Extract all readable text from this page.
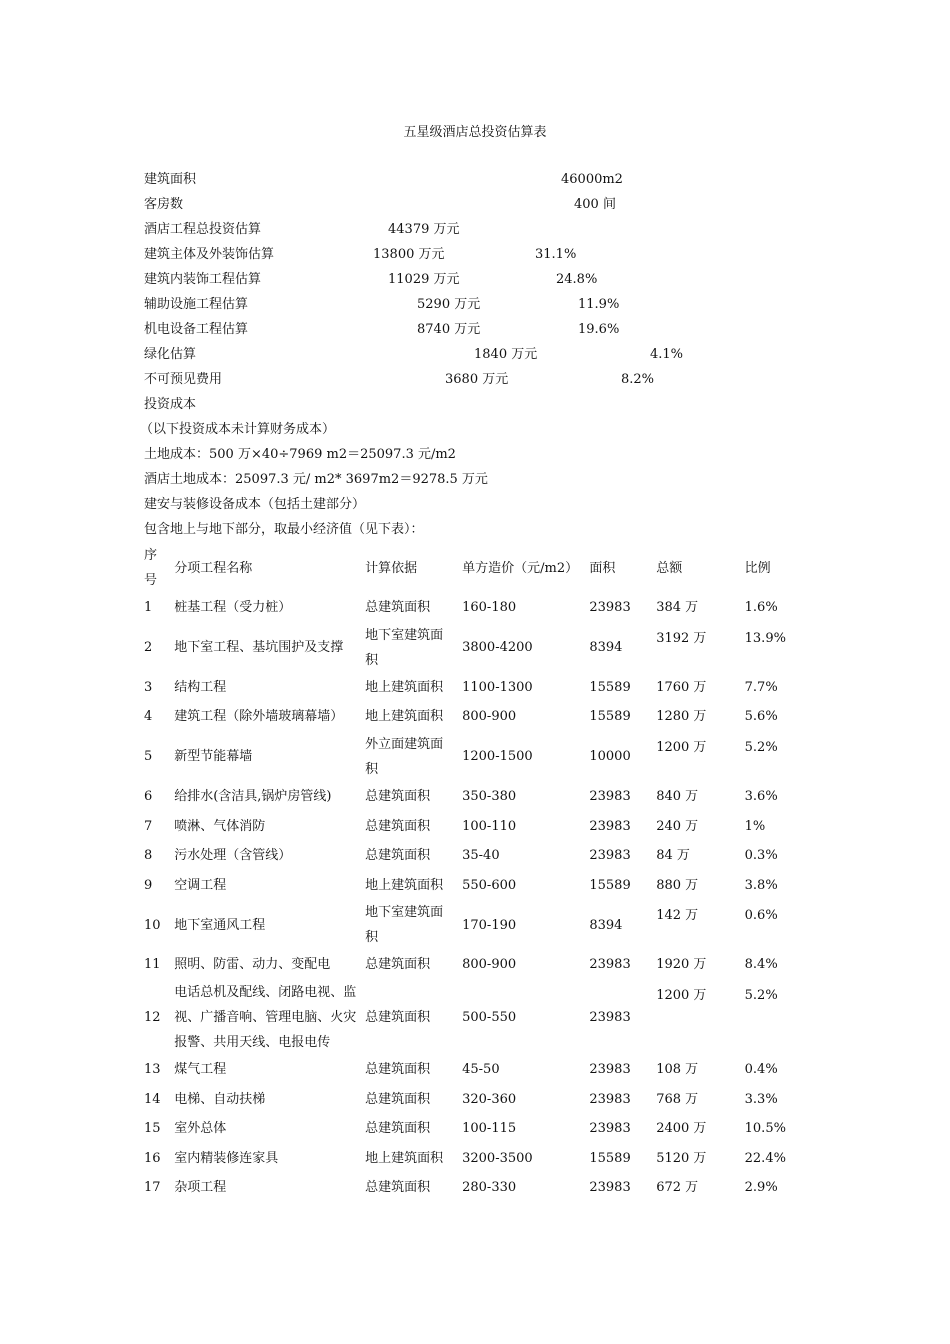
五星级酒店总投资估算表
建筑面积	46000m2
客房数	400 间
酒店工程总投资估算	44379 万元
建筑主体及外装饰估算	13800 万元	31.1%
建筑内装饰工程估算	11029 万元	24.8%
辅助设施工程估算	5290 万元	11.9%
机电设备工程估算	8740 万元	19.6%
绿化估算	1840 万元	4.1%
不可预见费用	3680 万元	8.2%
投资成本
（以下投资成本未计算财务成本）
土地成本：500 万×40÷7969 m2＝25097.3 元/m2
酒店土地成本：25097.3 元/ m2* 3697m2＝9278.5 万元
建安与装修设备成本（包括土建部分）
包含地上与地下部分，取最小经济值（见下表）：
序号	分项工程名称	计算依据	单方造价（元/m2）	面积	总额	比例
1	桩基工程（受力桩）	总建筑面积	160-180	23983	384 万	1.6%
2	地下室工程、基坑围护及支撑	地下室建筑面积	3800-4200	8394	3192 万	13.9%
3	结构工程	地上建筑面积	1100-1300	15589	1760 万	7.7%
4	建筑工程（除外墙玻璃幕墙）	地上建筑面积	800-900	15589	1280 万	5.6%
5	新型节能幕墙	外立面建筑面积	1200-1500	10000	1200 万	5.2%
6	给排水(含洁具,锅炉房管线)	总建筑面积	350-380	23983	840 万	3.6%
7	喷淋、气体消防	总建筑面积	100-110	23983	240 万	1%
8	污水处理（含管线）	总建筑面积	35-40	23983	84 万	0.3%
9	空调工程	地上建筑面积	550-600	15589	880 万	3.8%
10	地下室通风工程	地下室建筑面积	170-190	8394	142 万	0.6%
11	照明、防雷、动力、变配电	总建筑面积	800-900	23983	1920 万	8.4%
12	电话总机及配线、闭路电视、监视、广播音响、管理电脑、火灾报警、共用天线、电报电传	总建筑面积	500-550	23983	1200 万	5.2%
13	煤气工程	总建筑面积	45-50	23983	108 万	0.4%
14	电梯、自动扶梯	总建筑面积	320-360	23983	768 万	3.3%
15	室外总体	总建筑面积	100-115	23983	2400 万	10.5%
16	室内精装修连家具	地上建筑面积	3200-3500	15589	5120 万	22.4%
17	杂项工程	总建筑面积	280-330	23983	672 万	2.9%
